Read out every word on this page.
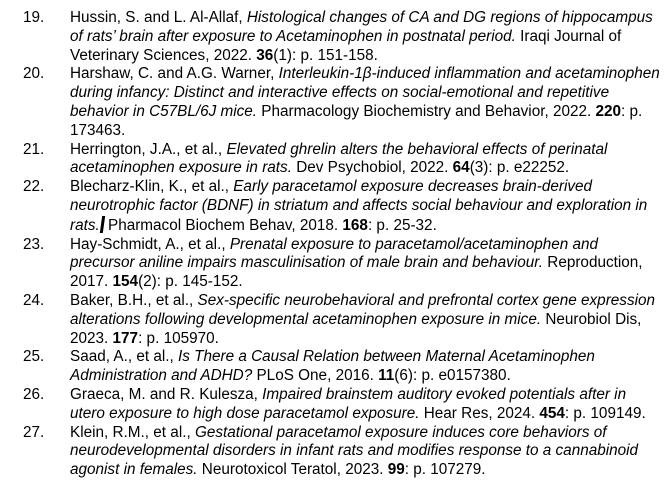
19.	Hussin, S. and L. Al-Allaf, Histological changes of CA and DG regions of hippocampus of rats’ brain after exposure to Acetaminophen in postnatal period. Iraqi Journal of Veterinary Sciences, 2022. 36(1): p. 151-158.
20.	Harshaw, C. and A.G. Warner, Interleukin-1β-induced inflammation and acetaminophen during infancy: Distinct and interactive effects on social-emotional and repetitive behavior in C57BL/6J mice. Pharmacology Biochemistry and Behavior, 2022. 220: p. 173463.
21.	Herrington, J.A., et al., Elevated ghrelin alters the behavioral effects of perinatal acetaminophen exposure in rats. Dev Psychobiol, 2022. 64(3): p. e22252.
22.	Blecharz-Klin, K., et al., Early paracetamol exposure decreases brain-derived neurotrophic factor (BDNF) in striatum and affects social behaviour and exploration in rats. Pharmacol Biochem Behav, 2018. 168: p. 25-32.
23.	Hay-Schmidt, A., et al., Prenatal exposure to paracetamol/acetaminophen and precursor aniline impairs masculinisation of male brain and behaviour. Reproduction, 2017. 154(2): p. 145-152.
24.	Baker, B.H., et al., Sex-specific neurobehavioral and prefrontal cortex gene expression alterations following developmental acetaminophen exposure in mice. Neurobiol Dis, 2023. 177: p. 105970.
25.	Saad, A., et al., Is There a Causal Relation between Maternal Acetaminophen Administration and ADHD? PLoS One, 2016. 11(6): p. e0157380.
26.	Graeca, M. and R. Kulesza, Impaired brainstem auditory evoked potentials after in utero exposure to high dose paracetamol exposure. Hear Res, 2024. 454: p. 109149.
27.	Klein, R.M., et al., Gestational paracetamol exposure induces core behaviors of neurodevelopmental disorders in infant rats and modifies response to a cannabinoid agonist in females. Neurotoxicol Teratol, 2023. 99: p. 107279.
